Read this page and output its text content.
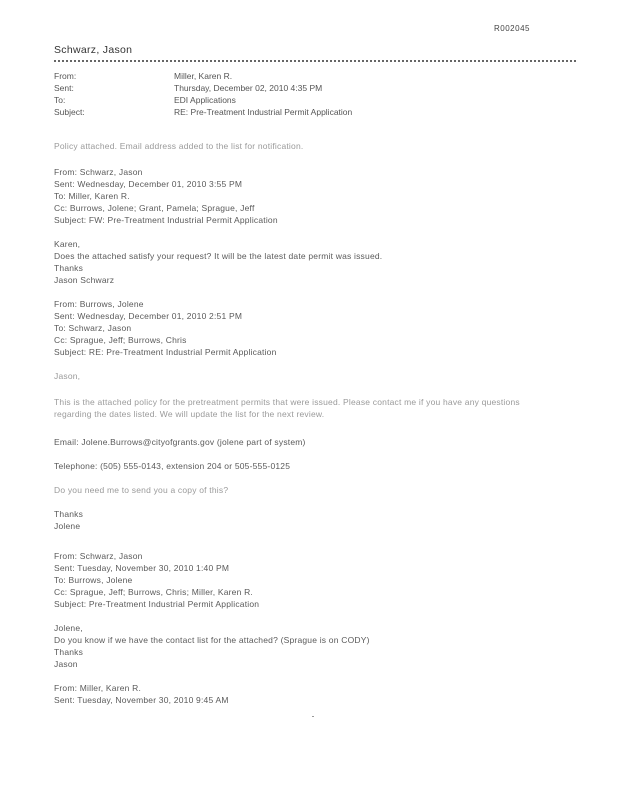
R002045
Schwarz, Jason
From:	Miller, Karen R.
Sent:	Thursday, December 02, 2010 4:35 PM
To:	EDI Applications
Subject:	RE: Pre-Treatment Industrial Permit Application
Policy attached. Email address added to the list for notification.
From: Schwarz, Jason
Sent: Wednesday, December 01, 2010 3:55 PM
To: Miller, Karen R.
Cc: Burrows, Jolene; Grant, Pamela; Sprague, Jeff
Subject: FW: Pre-Treatment Industrial Permit Application
Karen,
Does the attached satisfy your request? It will be the latest date permit was issued.
Thanks
Jason Schwarz
From: Burrows, Jolene
Sent: Wednesday, December 01, 2010 2:51 PM
To: Schwarz, Jason
Cc: Sprague, Jeff; Burrows, Chris
Subject: RE: Pre-Treatment Industrial Permit Application
Jason,
This is the attached policy for the pretreatment permits that were issued. Please contact me if you have any questions
regarding the dates listed. We will update the list for the next review.
Email: Jolene.Burrows@cityofgrants.gov (jolene part of system)
Telephone: (505) 555-0143, extension 204 or 505-555-0125
Do you need me to send you a copy of this?
Thanks
Jolene
From: Schwarz, Jason
Sent: Tuesday, November 30, 2010 1:40 PM
To: Burrows, Jolene
Cc: Sprague, Jeff; Burrows, Chris; Miller, Karen R.
Subject: Pre-Treatment Industrial Permit Application
Jolene,
Do you know if we have the contact list for the attached? (Sprague is on CODY)
Thanks
Jason
From: Miller, Karen R.
Sent: Tuesday, November 30, 2010 9:45 AM
